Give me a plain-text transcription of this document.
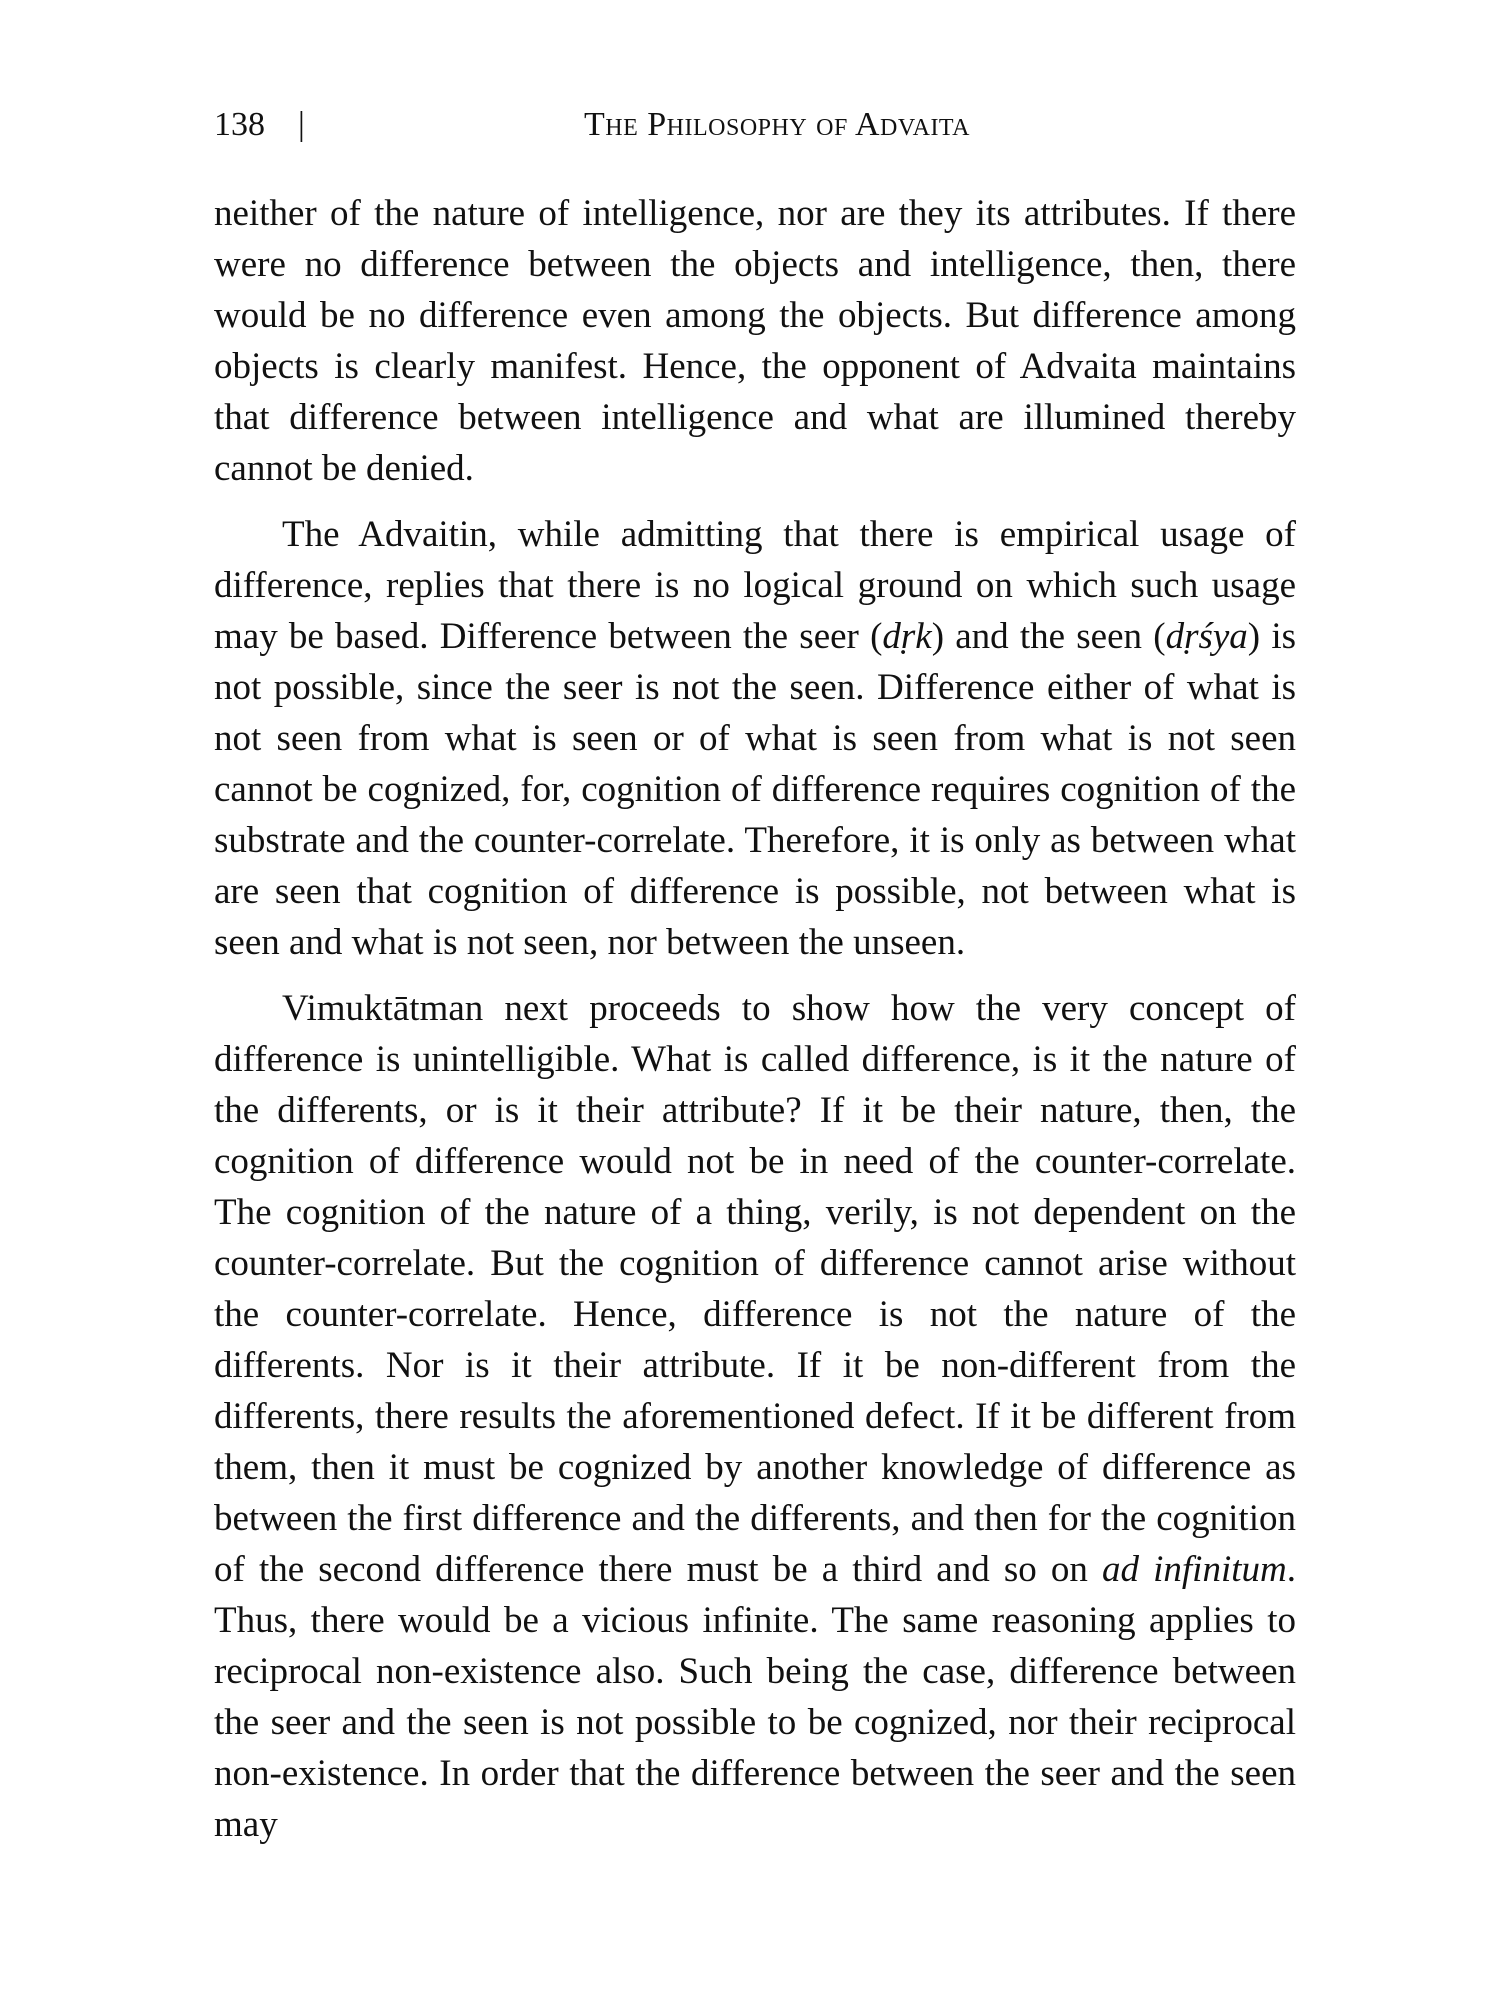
138 |	The Philosophy of Advaita

neither of the nature of intelligence, nor are they its attributes. If there were no difference between the objects and intelligence, then, there would be no difference even among the objects. But difference among objects is clearly manifest. Hence, the opponent of Advaita maintains that difference between intelligence and what are illumined thereby cannot be denied.

The Advaitin, while admitting that there is empirical usage of difference, replies that there is no logical ground on which such usage may be based. Difference between the seer (dṛk) and the seen (dṛśya) is not possible, since the seer is not the seen. Difference either of what is not seen from what is seen or of what is seen from what is not seen cannot be cognized, for, cognition of difference requires cognition of the substrate and the counter-correlate. Therefore, it is only as between what are seen that cognition of difference is possible, not between what is seen and what is not seen, nor between the unseen.

Vimuktātman next proceeds to show how the very concept of difference is unintelligible. What is called difference, is it the nature of the differents, or is it their attribute? If it be their nature, then, the cognition of difference would not be in need of the counter-correlate. The cognition of the nature of a thing, verily, is not dependent on the counter-correlate. But the cognition of difference cannot arise without the counter-correlate. Hence, difference is not the nature of the differents. Nor is it their attribute. If it be non-different from the differents, there results the aforementioned defect. If it be different from them, then it must be cognized by another knowledge of difference as between the first difference and the differents, and then for the cognition of the second difference there must be a third and so on ad infinitum. Thus, there would be a vicious infinite. The same reasoning applies to reciprocal non-existence also. Such being the case, difference between the seer and the seen is not possible to be cognized, nor their reciprocal non-existence. In order that the difference between the seer and the seen may
